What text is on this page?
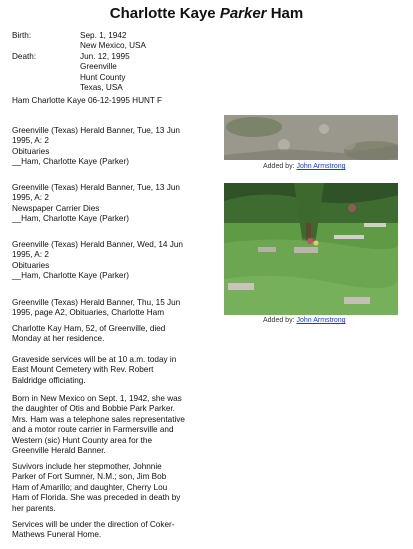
Charlotte Kaye Parker Ham
Birth:	Sep. 1, 1942
New Mexico, USA
Death:	Jun. 12, 1995
Greenville
Hunt County
Texas, USA
Ham Charlotte Kaye 06-12-1995 HUNT F
Greenville (Texas) Herald Banner, Tue, 13 Jun
1995, A: 2
Obituaries
__Ham, Charlotte Kaye (Parker)
Greenville (Texas) Herald Banner, Tue, 13 Jun
1995, A: 2
Newspaper Carrier Dies
__Ham, Charlotte Kaye (Parker)
Greenville (Texas) Herald Banner, Wed, 14 Jun
1995, A: 2
Obituaries
__Ham, Charlotte Kaye (Parker)
Greenville (Texas) Herald Banner, Thu, 15 Jun
1995, page A2, Obituaries, Charlotte Ham
Charlotte Kay Ham, 52, of Greenville, died
Monday at her residence.
Graveside services will be at 10 a.m. today in
East Mount Cemetery with Rev. Robert
Baldridge officiating.
Born in New Mexico on Sept. 1, 1942, she was
the daughter of Otis and Bobbie Park Parker.
Mrs. Ham was a telephone sales representative
and a motor route carrier in Farmersville and
Western (sic) Hunt County area for the
Greenville Herald Banner.
Suvivors include her stepmother, Johnnie
Parker of Fort Sumner, N.M.; son, Jim Bob
Ham of Amarillo; and daughter, Cherry Lou
Ham of Florida. She was preceded in death by
her parents.
Services will be under the direction of Coker-
Mathews Funeral Home.
Added by: John Armstrong
Added by: John Armstrong
